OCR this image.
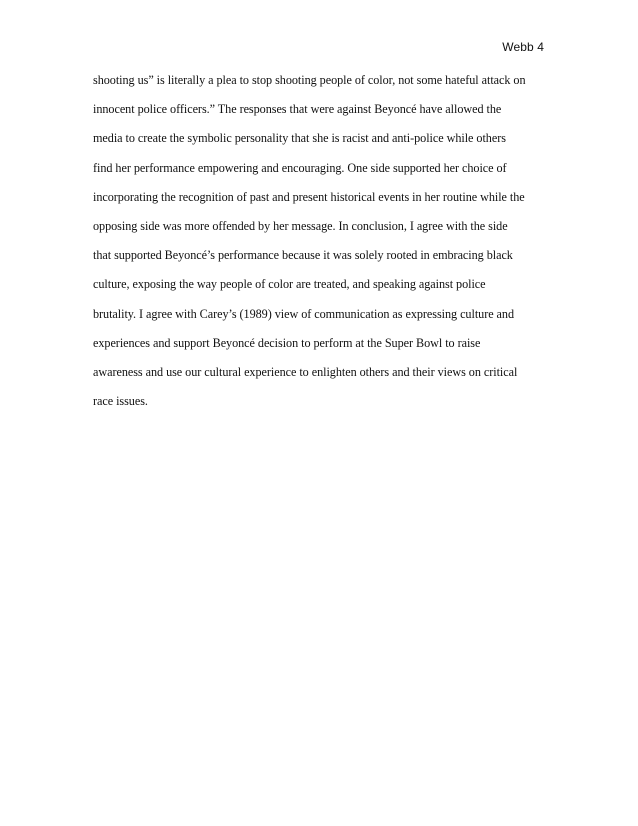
Webb 4
shooting us” is literally a plea to stop shooting people of color, not some hateful attack on
innocent police officers.” The responses that were against Beyoncé have allowed the
media to create the symbolic personality that she is racist and anti-police while others
find her performance empowering and encouraging. One side supported her choice of
incorporating the recognition of past and present historical events in her routine while the
opposing side was more offended by her message. In conclusion, I agree with the side
that supported Beyoncé’s performance because it was solely rooted in embracing black
culture, exposing the way people of color are treated, and speaking against police
brutality. I agree with Carey’s (1989) view of communication as expressing culture and
experiences and support Beyoncé decision to perform at the Super Bowl to raise
awareness and use our cultural experience to enlighten others and their views on critical
race issues.
